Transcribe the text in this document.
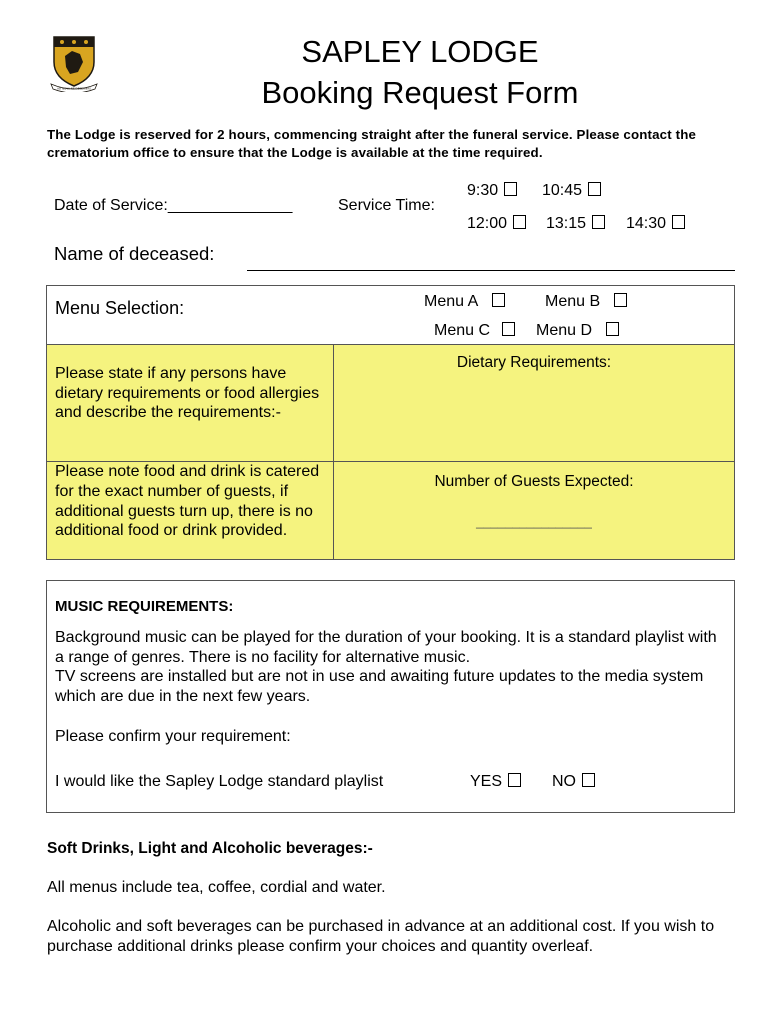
AD NOVA NE DECERNAS
SAPLEY LODGE
Booking Request Form
The Lodge is reserved for 2 hours, commencing straight after the funeral service. Please contact the crematorium office to ensure that the Lodge is available at the time required.
Date of Service:______________	Service Time:
9:30	10:45
12:00	13:15	14:30
Name of deceased:
Menu Selection:	Menu A	Menu B
Menu C	Menu D
Please state if any persons have dietary requirements or food allergies and describe the requirements:-
Dietary Requirements:
Please note food and drink is catered for the exact number of guests, if additional guests turn up, there is no additional food or drink provided.
Number of Guests Expected:
________________
MUSIC REQUIREMENTS:
Background music can be played for the duration of your booking. It is a standard playlist with a range of genres. There is no facility for alternative music.
TV screens are installed but are not in use and awaiting future updates to the media system which are due in the next few years.
Please confirm your requirement:
I would like the Sapley Lodge standard playlist	YES	NO
Soft Drinks, Light and Alcoholic beverages:-
All menus include tea, coffee, cordial and water.
Alcoholic and soft beverages can be purchased in advance at an additional cost. If you wish to purchase additional drinks please confirm your choices and quantity overleaf.
